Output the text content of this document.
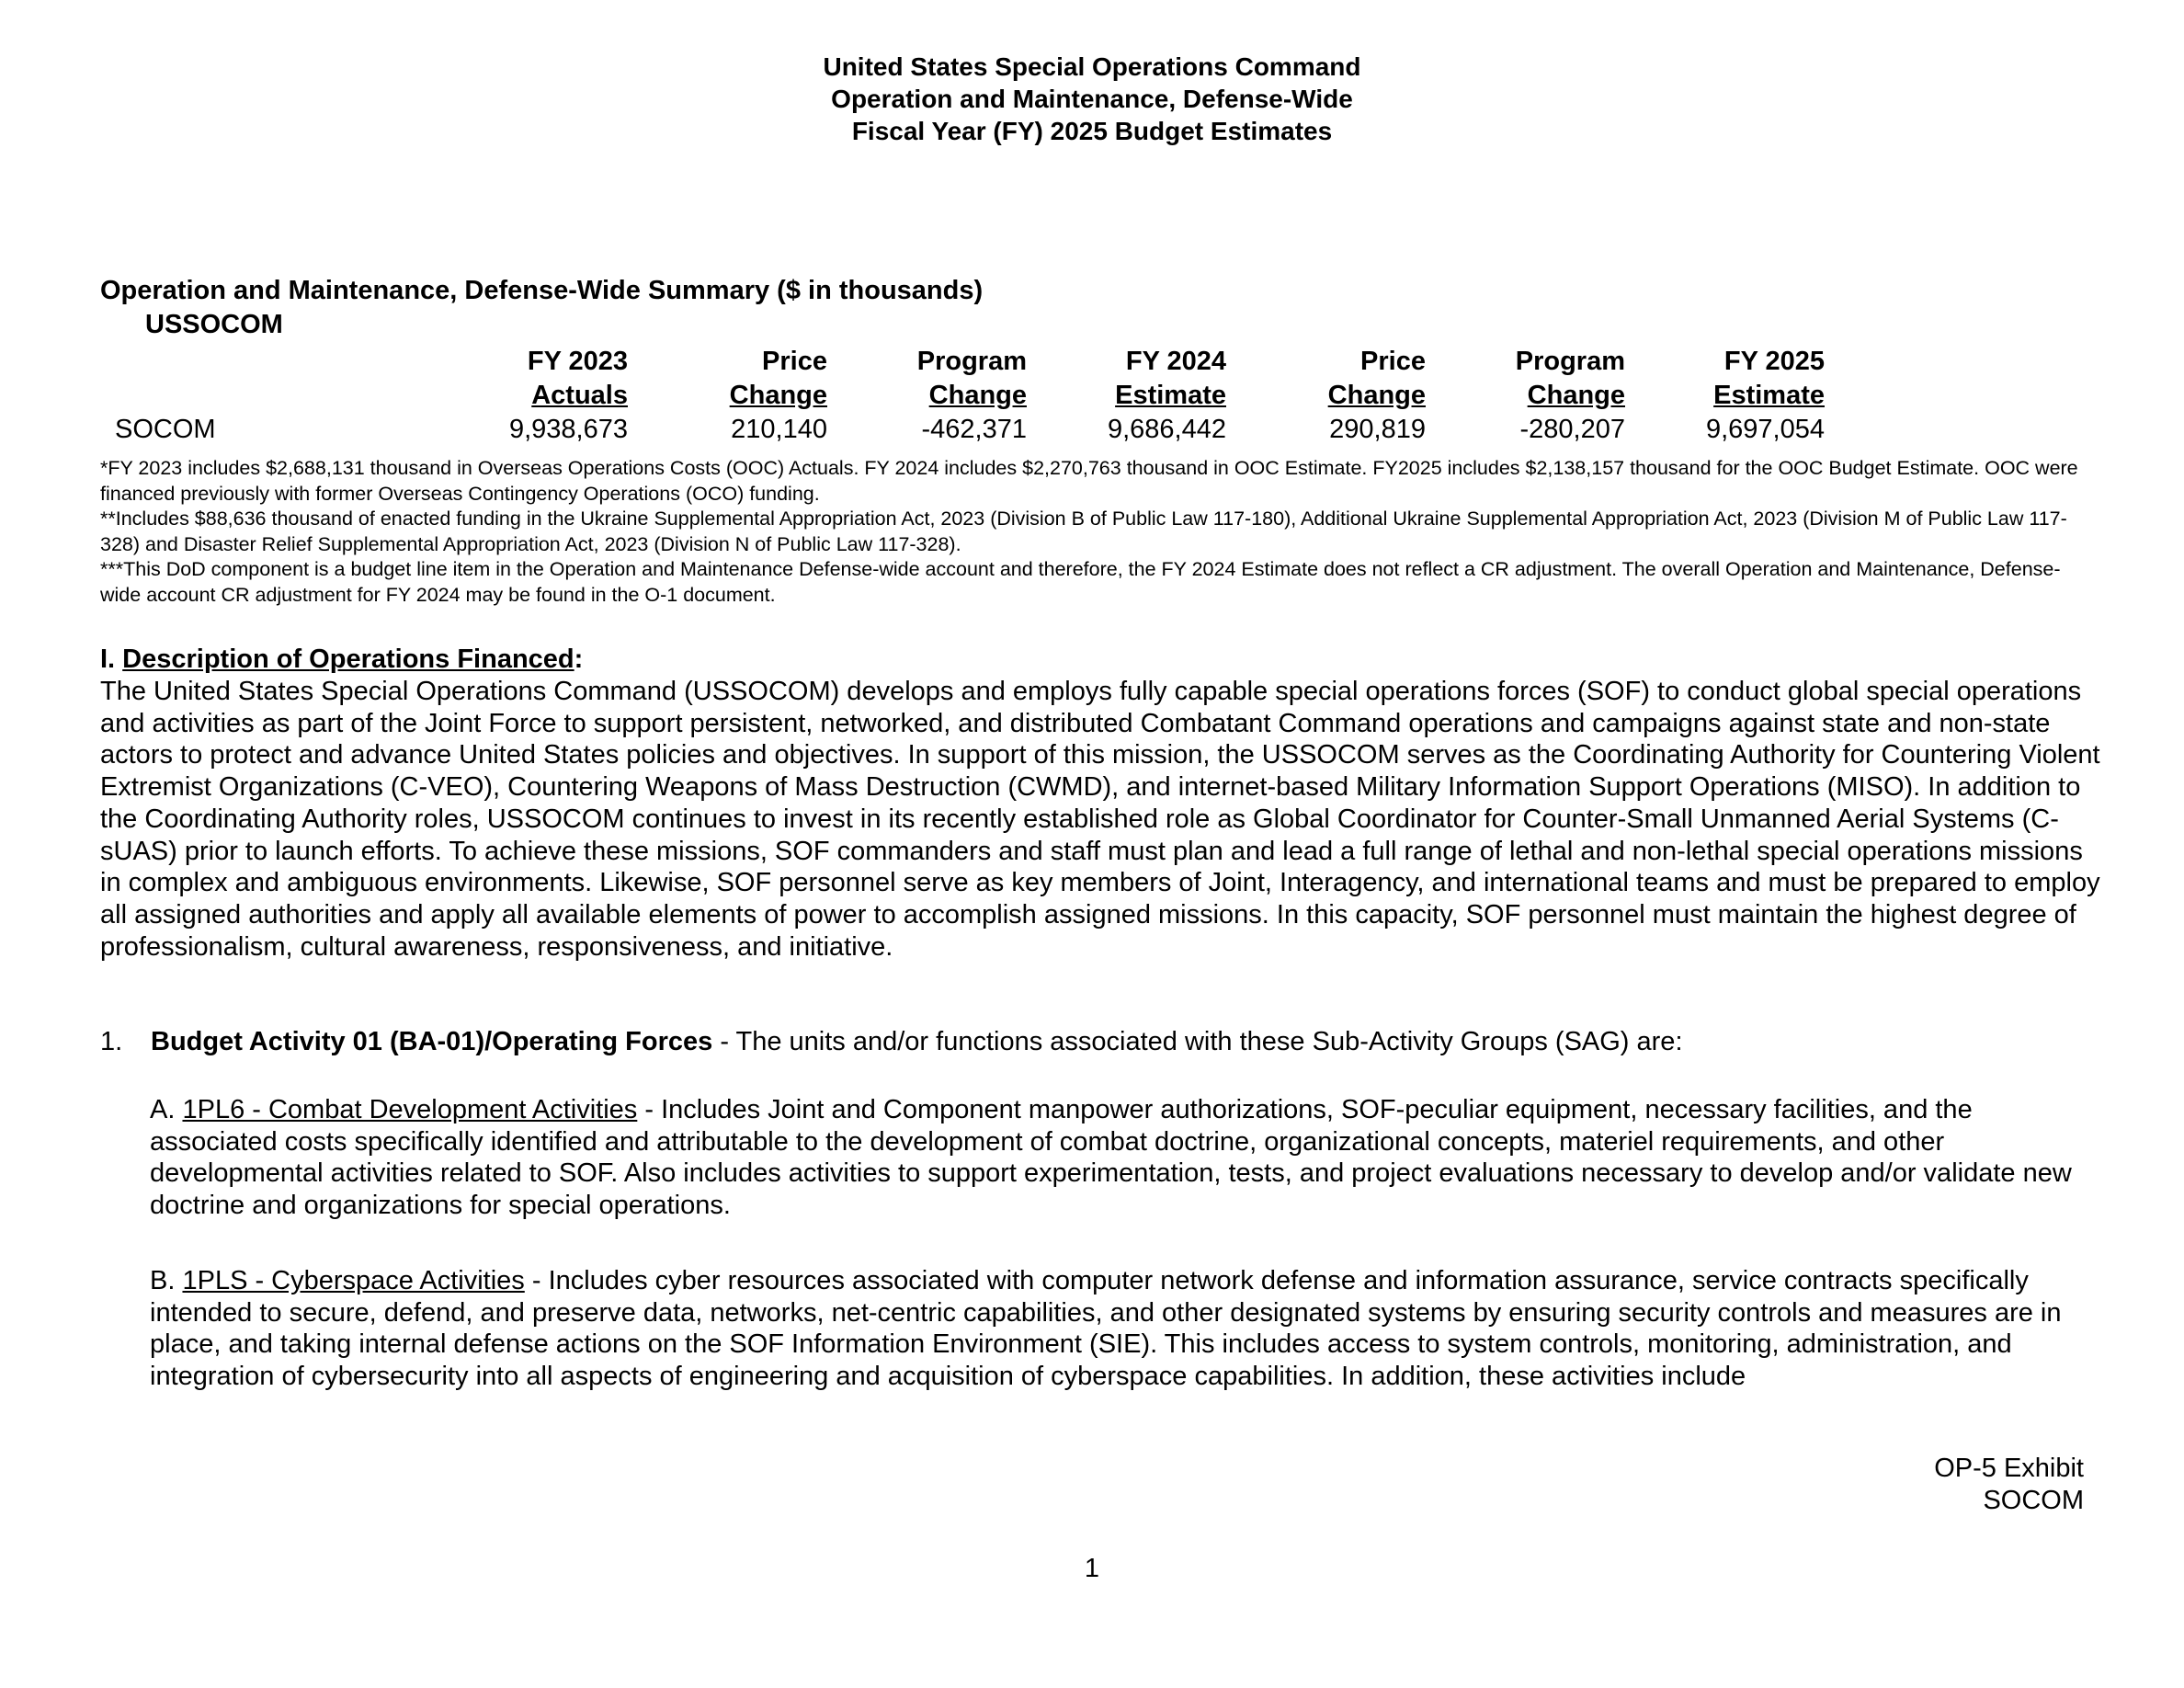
United States Special Operations Command
Operation and Maintenance, Defense-Wide
Fiscal Year (FY) 2025 Budget Estimates
Operation and Maintenance, Defense-Wide Summary ($ in thousands)
USSOCOM
FY 2023
Actuals
9,938,673
Price
Change
210,140
Program
Change
-462,371
FY 2024
Estimate
9,686,442
Price
Change
290,819
Program
Change
-280,207
FY 2025
Estimate
9,697,054
SOCOM

*FY 2023 includes $2,688,131 thousand in Overseas Operations Costs (OOC) Actuals. FY 2024 includes $2,270,763 thousand in OOC Estimate. FY2025 includes $2,138,157 thousand for the OOC Budget Estimate. OOC were financed previously with former Overseas Contingency Operations (OCO) funding.

**Includes $88,636 thousand of enacted funding in the Ukraine Supplemental Appropriation Act, 2023 (Division B of Public Law 117-180), Additional Ukraine Supplemental Appropriation Act, 2023 (Division M of Public Law 117-328) and Disaster Relief Supplemental Appropriation Act, 2023 (Division N of Public Law 117-328).

***This DoD component is a budget line item in the Operation and Maintenance Defense-wide account and therefore, the FY 2024 Estimate does not reflect a CR adjustment. The overall Operation and Maintenance, Defense-wide account CR adjustment for FY 2024 may be found in the O-1 document.

I. Description of Operations Financed:
The United States Special Operations Command (USSOCOM) develops and employs fully capable special operations forces (SOF) to conduct global special operations and activities as part of the Joint Force to support persistent, networked, and distributed Combatant Command operations and campaigns against state and non-state actors to protect and advance United States policies and objectives. In support of this mission, the USSOCOM serves as the Coordinating Authority for Countering Violent Extremist Organizations (C-VEO), Countering Weapons of Mass Destruction (CWMD), and internet-based Military Information Support Operations (MISO). In addition to the Coordinating Authority roles, USSOCOM continues to invest in its recently established role as Global Coordinator for Counter-Small Unmanned Aerial Systems (C-sUAS) prior to launch efforts. To achieve these missions, SOF commanders and staff must plan and lead a full range of lethal and non-lethal special operations missions in complex and ambiguous environments. Likewise, SOF personnel serve as key members of Joint, Interagency, and international teams and must be prepared to employ all assigned authorities and apply all available elements of power to accomplish assigned missions. In this capacity, SOF personnel must maintain the highest degree of professionalism, cultural awareness, responsiveness, and initiative.
1. Budget Activity 01 (BA-01)/Operating Forces - The units and/or functions associated with these Sub-Activity Groups (SAG) are:
A. 1PL6 - Combat Development Activities - Includes Joint and Component manpower authorizations, SOF-peculiar equipment, necessary facilities, and the associated costs specifically identified and attributable to the development of combat doctrine, organizational concepts, materiel requirements, and other developmental activities related to SOF. Also includes activities to support experimentation, tests, and project evaluations necessary to develop and/or validate new doctrine and organizations for special operations.
B. 1PLS - Cyberspace Activities - Includes cyber resources associated with computer network defense and information assurance, service contracts specifically intended to secure, defend, and preserve data, networks, net-centric capabilities, and other designated systems by ensuring security controls and measures are in place, and taking internal defense actions on the SOF Information Environment (SIE). This includes access to system controls, monitoring, administration, and integration of cybersecurity into all aspects of engineering and acquisition of cyberspace capabilities. In addition, these activities include
OP-5 Exhibit
SOCOM
1
